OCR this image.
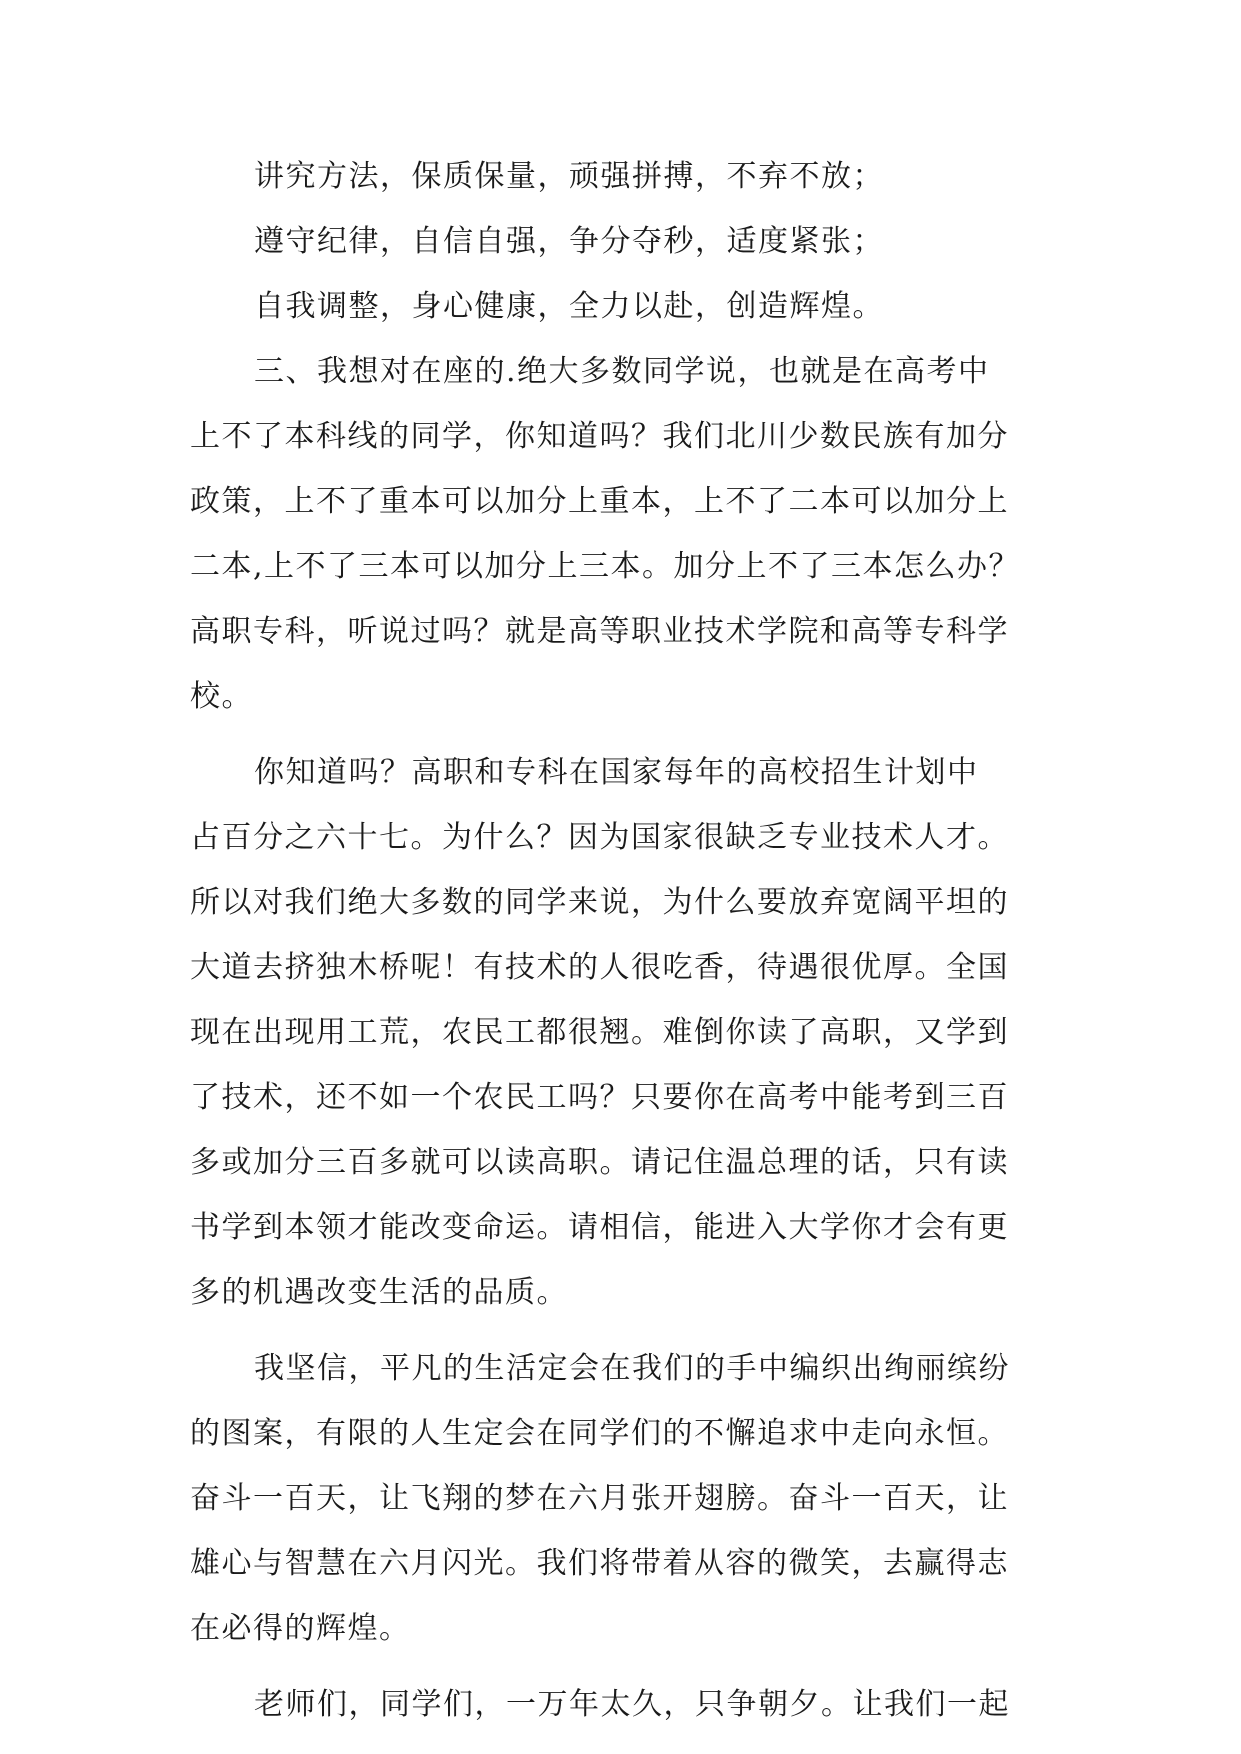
讲究方法，保质保量，顽强拼搏，不弃不放；
遵守纪律，自信自强，争分夺秒，适度紧张；
自我调整，身心健康，全力以赴，创造辉煌。
三、我想对在座的.绝大多数同学说，也就是在高考中
上不了本科线的同学，你知道吗？我们北川少数民族有加分
政策，上不了重本可以加分上重本，上不了二本可以加分上
二本,上不了三本可以加分上三本。加分上不了三本怎么办？
高职专科，听说过吗？就是高等职业技术学院和高等专科学
校。
你知道吗？高职和专科在国家每年的高校招生计划中
占百分之六十七。为什么？因为国家很缺乏专业技术人才。
所以对我们绝大多数的同学来说，为什么要放弃宽阔平坦的
大道去挤独木桥呢！有技术的人很吃香，待遇很优厚。全国
现在出现用工荒，农民工都很翘。难倒你读了高职，又学到
了技术，还不如一个农民工吗？只要你在高考中能考到三百
多或加分三百多就可以读高职。请记住温总理的话，只有读
书学到本领才能改变命运。请相信，能进入大学你才会有更
多的机遇改变生活的品质。
我坚信，平凡的生活定会在我们的手中编织出绚丽缤纷
的图案，有限的人生定会在同学们的不懈追求中走向永恒。
奋斗一百天，让飞翔的梦在六月张开翅膀。奋斗一百天，让
雄心与智慧在六月闪光。我们将带着从容的微笑，去赢得志
在必得的辉煌。
老师们，同学们，一万年太久，只争朝夕。让我们一起
